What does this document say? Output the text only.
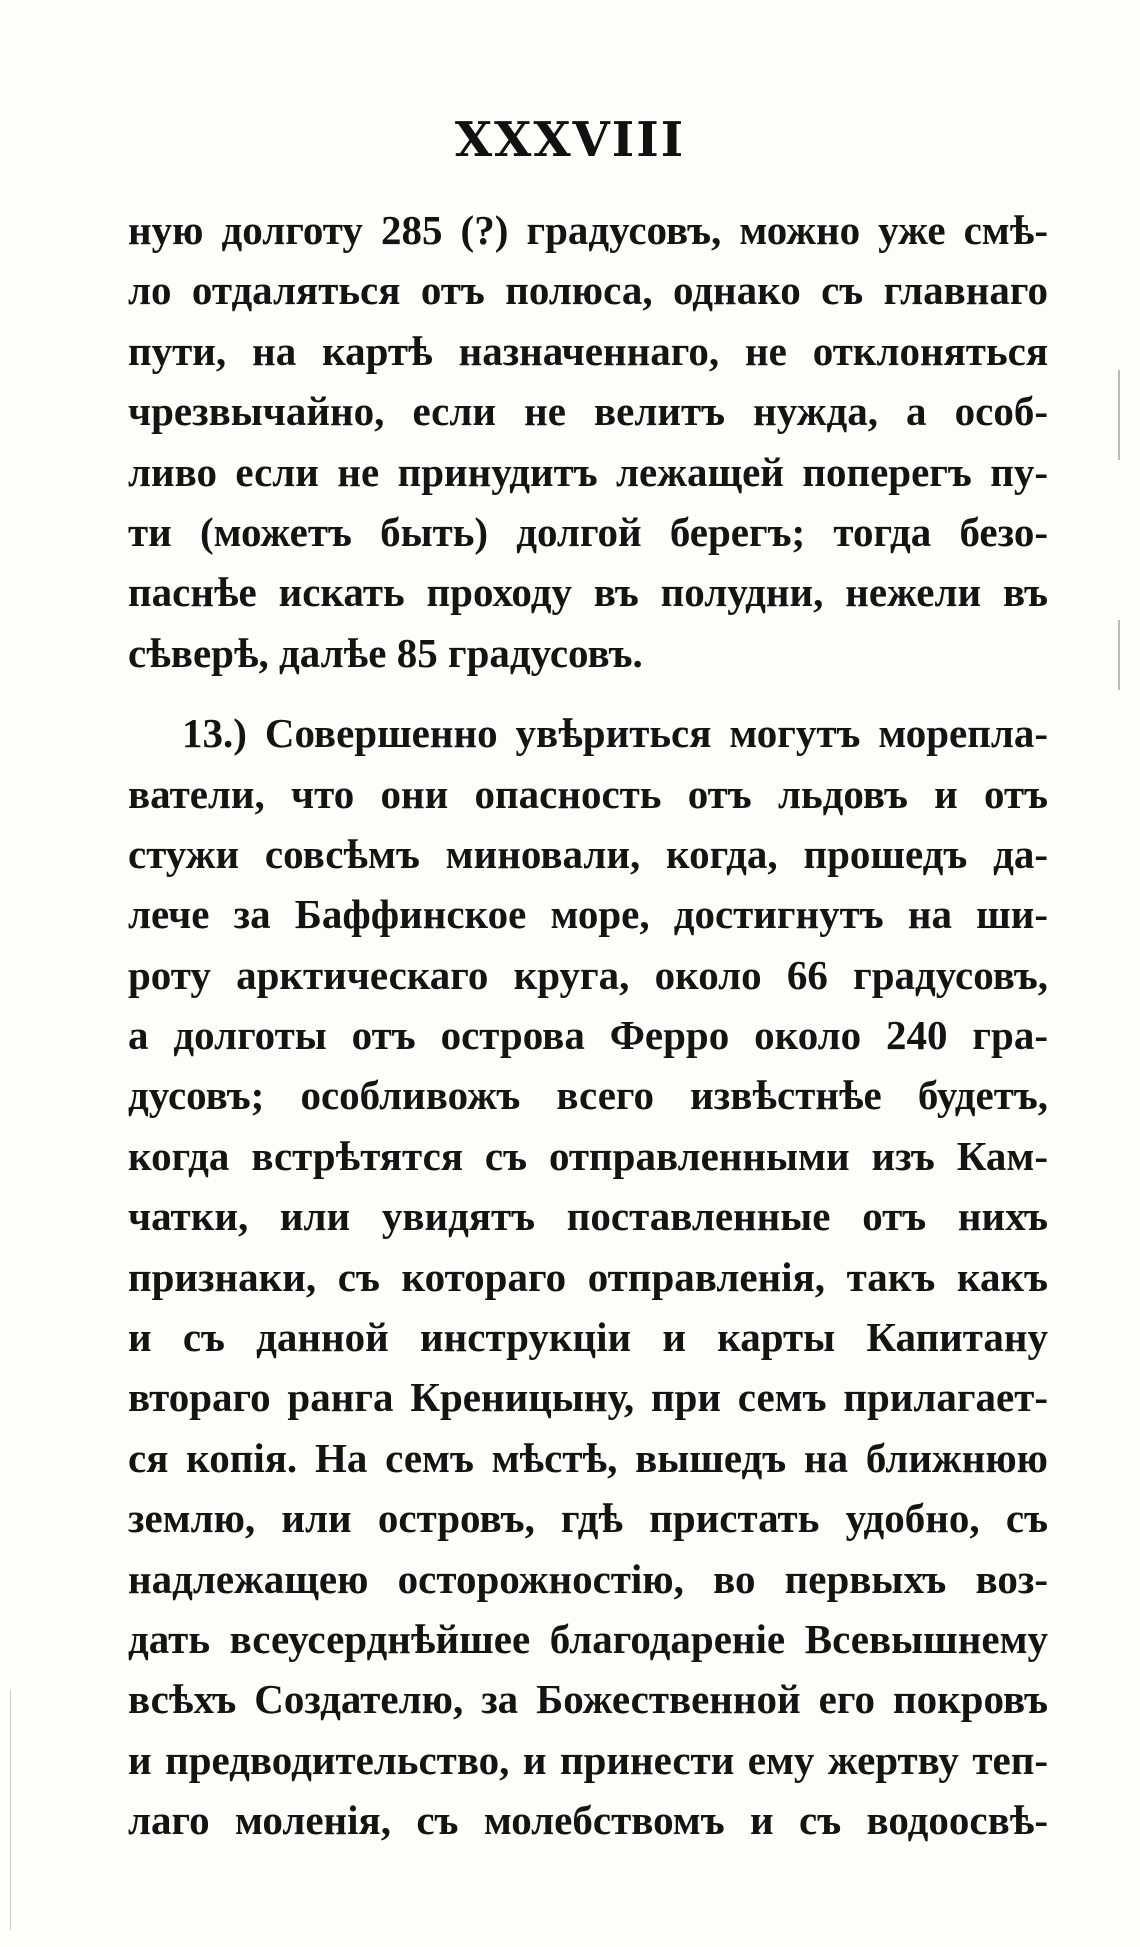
XXXVIII
ную долготу 285 (?) градусовъ, можно уже смѣ-
ло отдаляться отъ полюса, однако съ главнаго
пути, на картѣ назначеннаго, не отклоняться
чрезвычайно, если не велитъ нужда, а особ-
ливо если не принудитъ лежащей поперегъ пу-
ти (можетъ быть) долгой берегъ; тогда безо-
паснѣе искать проходу въ полудни, нежели въ
сѣверѣ, далѣе 85 градусовъ.
13.) Совершенно увѣриться могутъ морепла-
ватели, что они опасность отъ льдовъ и отъ
стужи совсѣмъ миновали, когда, прошедъ да-
лече за Баффинское море, достигнутъ на ши-
роту арктическаго круга, около 66 градусовъ,
а долготы отъ острова Ферро около 240 гра-
дусовъ; особливожъ всего извѣстнѣе будетъ,
когда встрѣтятся съ отправленными изъ Кам-
чатки, или увидятъ поставленные отъ нихъ
признаки, съ котораго отправленія, такъ какъ
и съ данной инструкціи и карты Капитану
втораго ранга Креницыну, при семъ прилагает-
ся копія. На семъ мѣстѣ, вышедъ на ближнюю
землю, или островъ, гдѣ пристать удобно, съ
надлежащею осторожностію, во первыхъ воз-
дать всеусерднѣйшее благодареніе Всевышнему
всѣхъ Создателю, за Божественной его покровъ
и предводительство, и принести ему жертву теп-
лаго моленія, съ молебствомъ и съ водоосвѣ-
